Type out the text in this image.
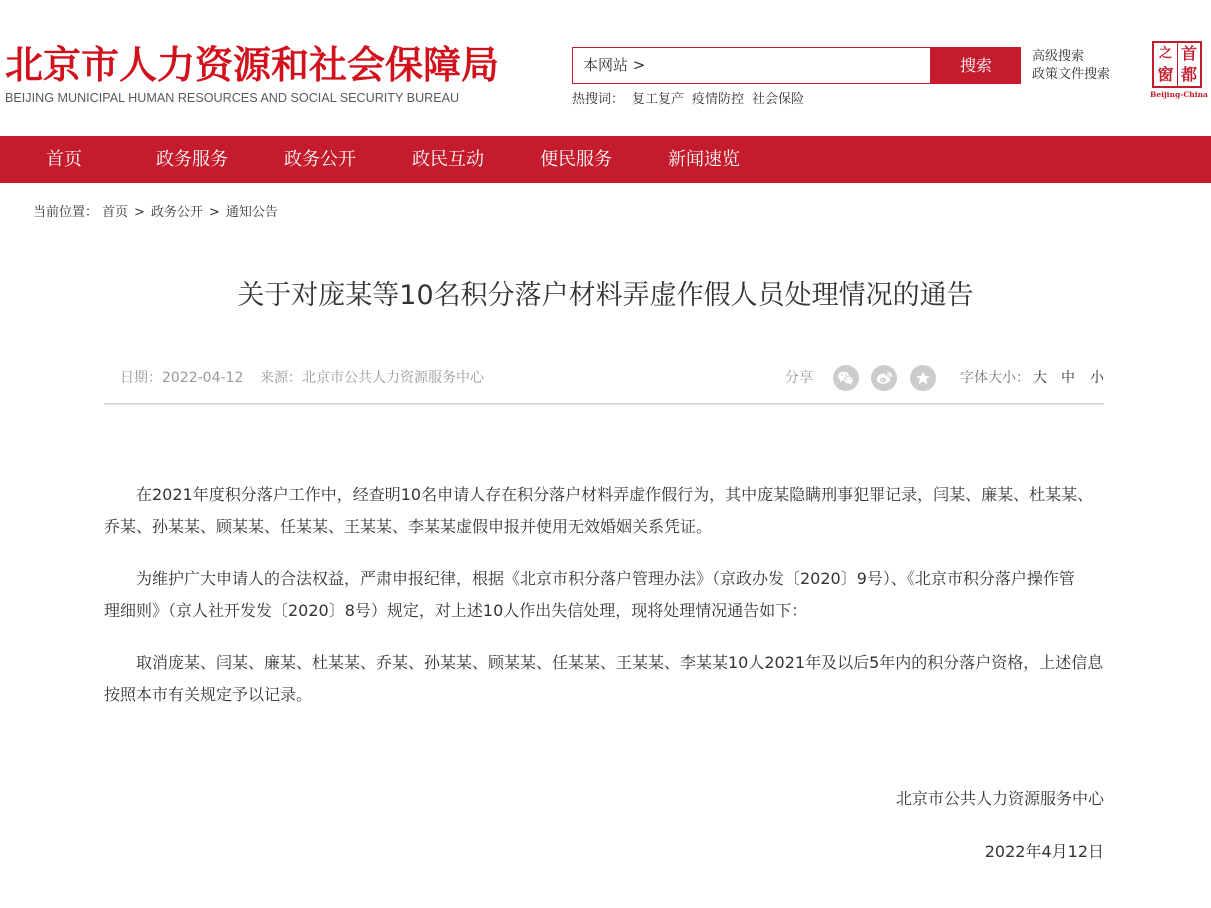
北京市人力资源和社会保障局
BEIJING MUNICIPAL HUMAN RESOURCES AND SOCIAL SECURITY BUREAU
本网站 >	搜索	高级搜索
政策文件搜索
热搜词： 复工复产 疫情防控 社会保险
之 首
窗 都
Beijing-China
首页	政务服务	政务公开	政民互动	便民服务	新闻速览
当前位置： 首页 > 政务公开 > 通知公告
关于对庞某等10名积分落户材料弄虚作假人员处理情况的通告
日期：2022-04-12 来源：北京市公共人力资源服务中心	分享	字体大小： 大 中 小

在2021年度积分落户工作中，经查明10名申请人存在积分落户材料弄虚作假行为，其中庞某隐瞒刑事犯罪记录，闫某、廉某、杜某某、
乔某、孙某某、顾某某、任某某、王某某、李某某虚假申报并使用无效婚姻关系凭证。

为维护广大申请人的合法权益，严肃申报纪律，根据《北京市积分落户管理办法》（京政办发〔2020〕9号）、《北京市积分落户操作管
理细则》（京人社开发发〔2020〕8号）规定，对上述10人作出失信处理，现将处理情况通告如下：

取消庞某、闫某、廉某、杜某某、乔某、孙某某、顾某某、任某某、王某某、李某某10人2021年及以后5年内的积分落户资格，上述信息
按照本市有关规定予以记录。

北京市公共人力资源服务中心
2022年4月12日
